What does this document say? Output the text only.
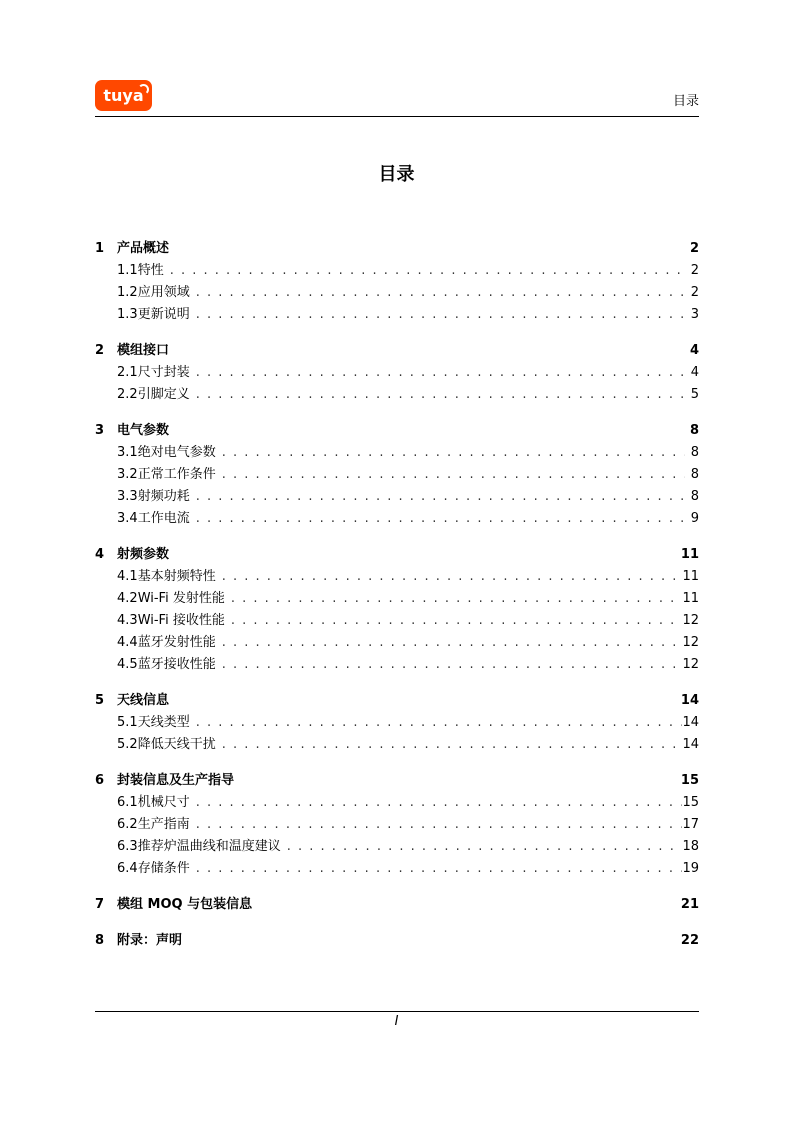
tuya	目录
目录
1 产品概述	2
1.1 特性 . . .	2
1.2 应用领域 . . .	2
1.3 更新说明 . . .	3
2 模组接口	4
2.1 尺寸封装 . . .	4
2.2 引脚定义 . . .	5
3 电气参数	8
3.1 绝对电气参数 . . .	8
3.2 正常工作条件 . . .	8
3.3 射频功耗 . . .	8
3.4 工作电流 . . .	9
4 射频参数	11
4.1 基本射频特性 . . .	11
4.2 Wi-Fi 发射性能 . . .	11
4.3 Wi-Fi 接收性能 . . .	12
4.4 蓝牙发射性能 . . .	12
4.5 蓝牙接收性能 . . .	12
5 天线信息	14
5.1 天线类型 . . .	14
5.2 降低天线干扰 . . .	14
6 封装信息及生产指导	15
6.1 机械尺寸 . . .	15
6.2 生产指南 . . .	17
6.3 推荐炉温曲线和温度建议 . . .	18
6.4 存储条件 . . .	19
7 模组 MOQ 与包装信息	21
8 附录：声明	22
I
